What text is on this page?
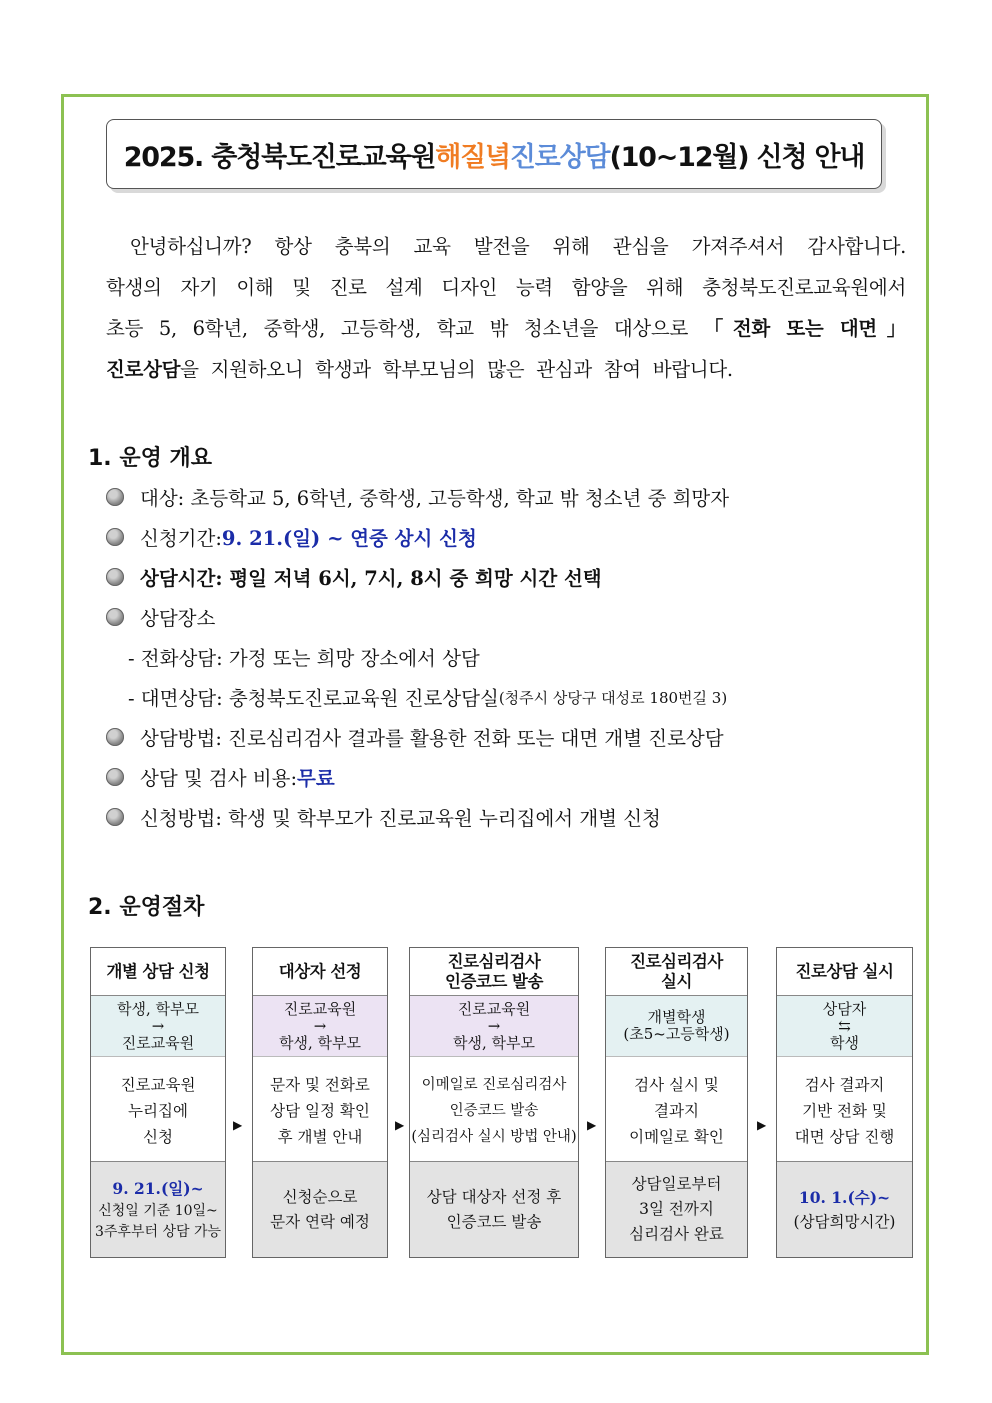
2025. 충청북도진로교육원 해질녘 진로상담 (10~12월) 신청 안내

안녕하십니까? 항상 충북의 교육 발전을 위해 관심을 가져주셔서 감사합니다.

학생의 자기 이해 및 진로 설계 디자인 능력 함양을 위해 충청북도진로교육원에서

초등 5, 6학년, 중학생, 고등학생, 학교 밖 청소년을 대상으로 「전화 또는 대면」

진로상담을 지원하오니 학생과 학부모님의 많은 관심과 참여 바랍니다.

1. 운영 개요
대상: 초등학교 5, 6학년, 중학생, 고등학생, 학교 밖 청소년 중 희망자
신청기간: 9. 21.(일) ~ 연중 상시 신청
상담시간: 평일 저녁 6시, 7시, 8시 중 희망 시간 선택
상담장소
- 전화상담: 가정 또는 희망 장소에서 상담
- 대면상담: 충청북도진로교육원 진로상담실 (청주시 상당구 대성로 180번길 3)
상담방법: 진로심리검사 결과를 활용한 전화 또는 대면 개별 진로상담
상담 및 검사 비용: 무료
신청방법: 학생 및 학부모가 진로교육원 누리집에서 개별 신청
2. 운영절차
개별 상담 신청

학생, 학부모
→
진로교육원
진로교육원
누리집에
신청
9. 21.(일)~
신청일 기준 10일~
3주후부터 상담 가능
▶
대상자 선정

진로교육원
→
학생, 학부모
문자 및 전화로
상담 일정 확인
후 개별 안내
신청순으로
문자 연락 예정
▶
진로심리검사
인증코드 발송
진로교육원
→
학생, 학부모
이메일로 진로심리검사
인증코드 발송
(심리검사 실시 방법 안내)
상담 대상자 선정 후
인증코드 발송
▶
진로심리검사
실시
개별학생
(초5~고등학생)
검사 실시 및
결과지
이메일로 확인
상담일로부터
3일 전까지
심리검사 완료
▶
진로상담 실시

상담자
⇆
학생
검사 결과지
기반 전화 및
대면 상담 진행
10. 1.(수)~
(상담희망시간)
